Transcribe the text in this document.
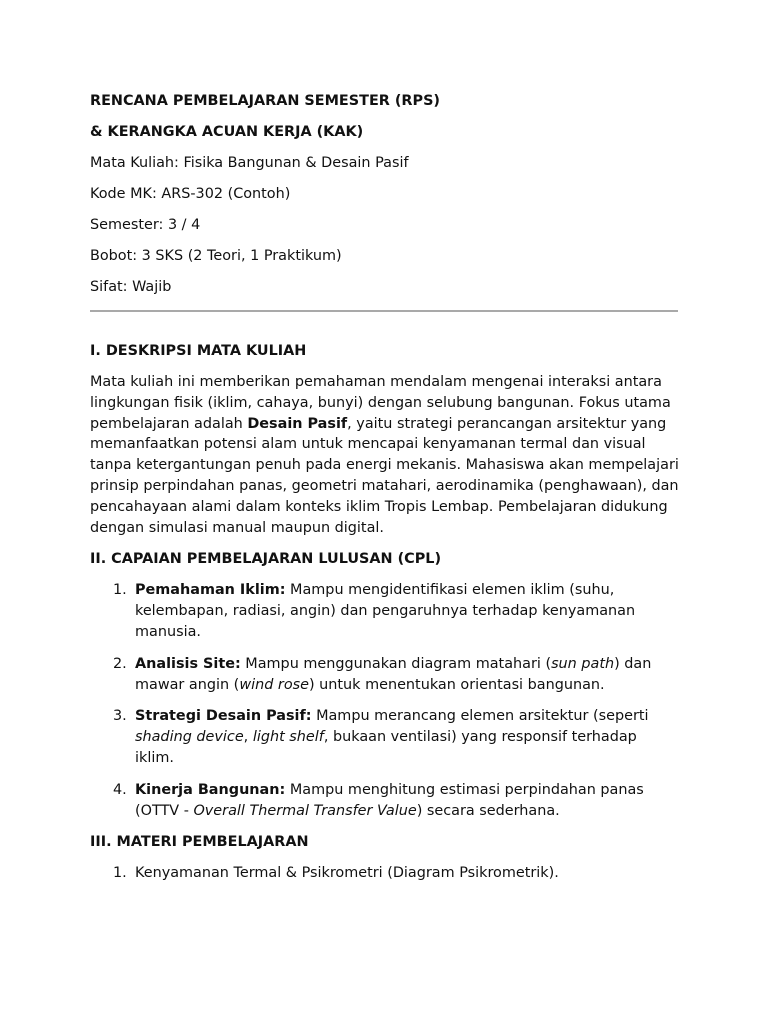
RENCANA PEMBELAJARAN SEMESTER (RPS)

& KERANGKA ACUAN KERJA (KAK)

Mata Kuliah: Fisika Bangunan & Desain Pasif

Kode MK: ARS-302 (Contoh)

Semester: 3 / 4

Bobot: 3 SKS (2 Teori, 1 Praktikum)

Sifat: Wajib

I. DESKRIPSI MATA KULIAH

Mata kuliah ini memberikan pemahaman mendalam mengenai interaksi antara lingkungan fisik (iklim, cahaya, bunyi) dengan selubung bangunan. Fokus utama pembelajaran adalah Desain Pasif, yaitu strategi perancangan arsitektur yang memanfaatkan potensi alam untuk mencapai kenyamanan termal dan visual tanpa ketergantungan penuh pada energi mekanis. Mahasiswa akan mempelajari prinsip perpindahan panas, geometri matahari, aerodinamika (penghawaan), dan pencahayaan alami dalam konteks iklim Tropis Lembap. Pembelajaran didukung dengan simulasi manual maupun digital.

II. CAPAIAN PEMBELAJARAN LULUSAN (CPL)

1. Pemahaman Iklim: Mampu mengidentifikasi elemen iklim (suhu, kelembapan, radiasi, angin) dan pengaruhnya terhadap kenyamanan manusia.
2. Analisis Site: Mampu menggunakan diagram matahari (sun path) dan mawar angin (wind rose) untuk menentukan orientasi bangunan.
3. Strategi Desain Pasif: Mampu merancang elemen arsitektur (seperti shading device, light shelf, bukaan ventilasi) yang responsif terhadap iklim.
4. Kinerja Bangunan: Mampu menghitung estimasi perpindahan panas (OTTV - Overall Thermal Transfer Value) secara sederhana.

III. MATERI PEMBELAJARAN

1. Kenyamanan Termal & Psikrometri (Diagram Psikrometrik).
